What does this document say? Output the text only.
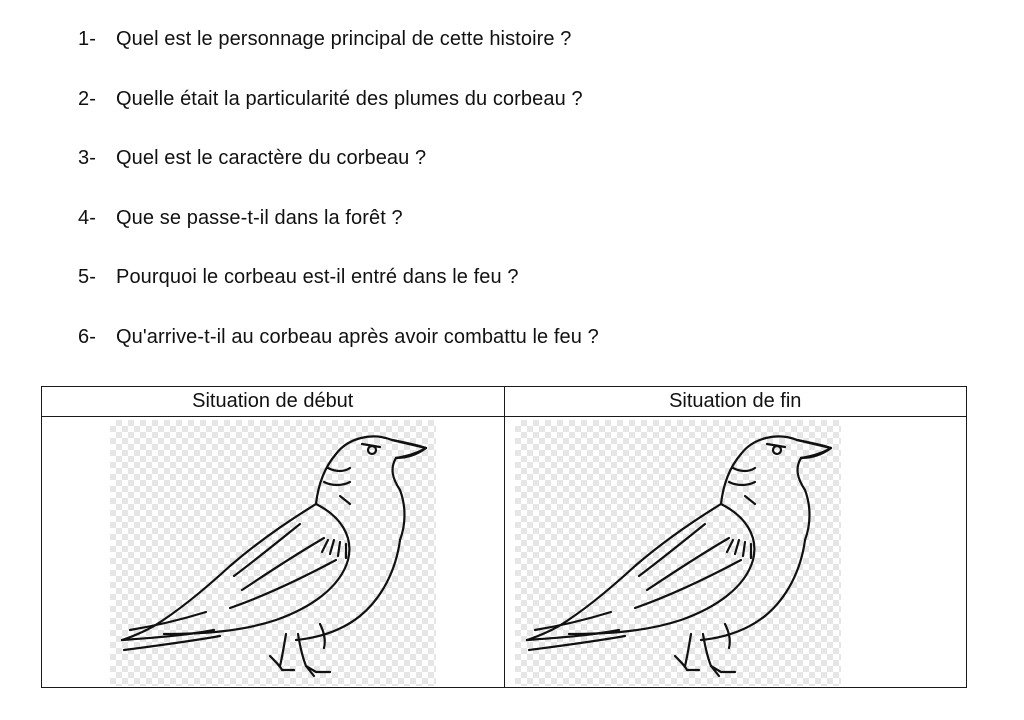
1-	Quel est le personnage principal de cette histoire ?
2-	Quelle était la particularité des plumes du corbeau ?
3-	Quel est le caractère du corbeau ?
4-	Que se passe-t-il dans la forêt ?
5-	Pourquoi le corbeau est-il entré dans le feu ?
6-	Qu'arrive-t-il au corbeau après avoir combattu le feu ?
Situation de début	Situation de fin
